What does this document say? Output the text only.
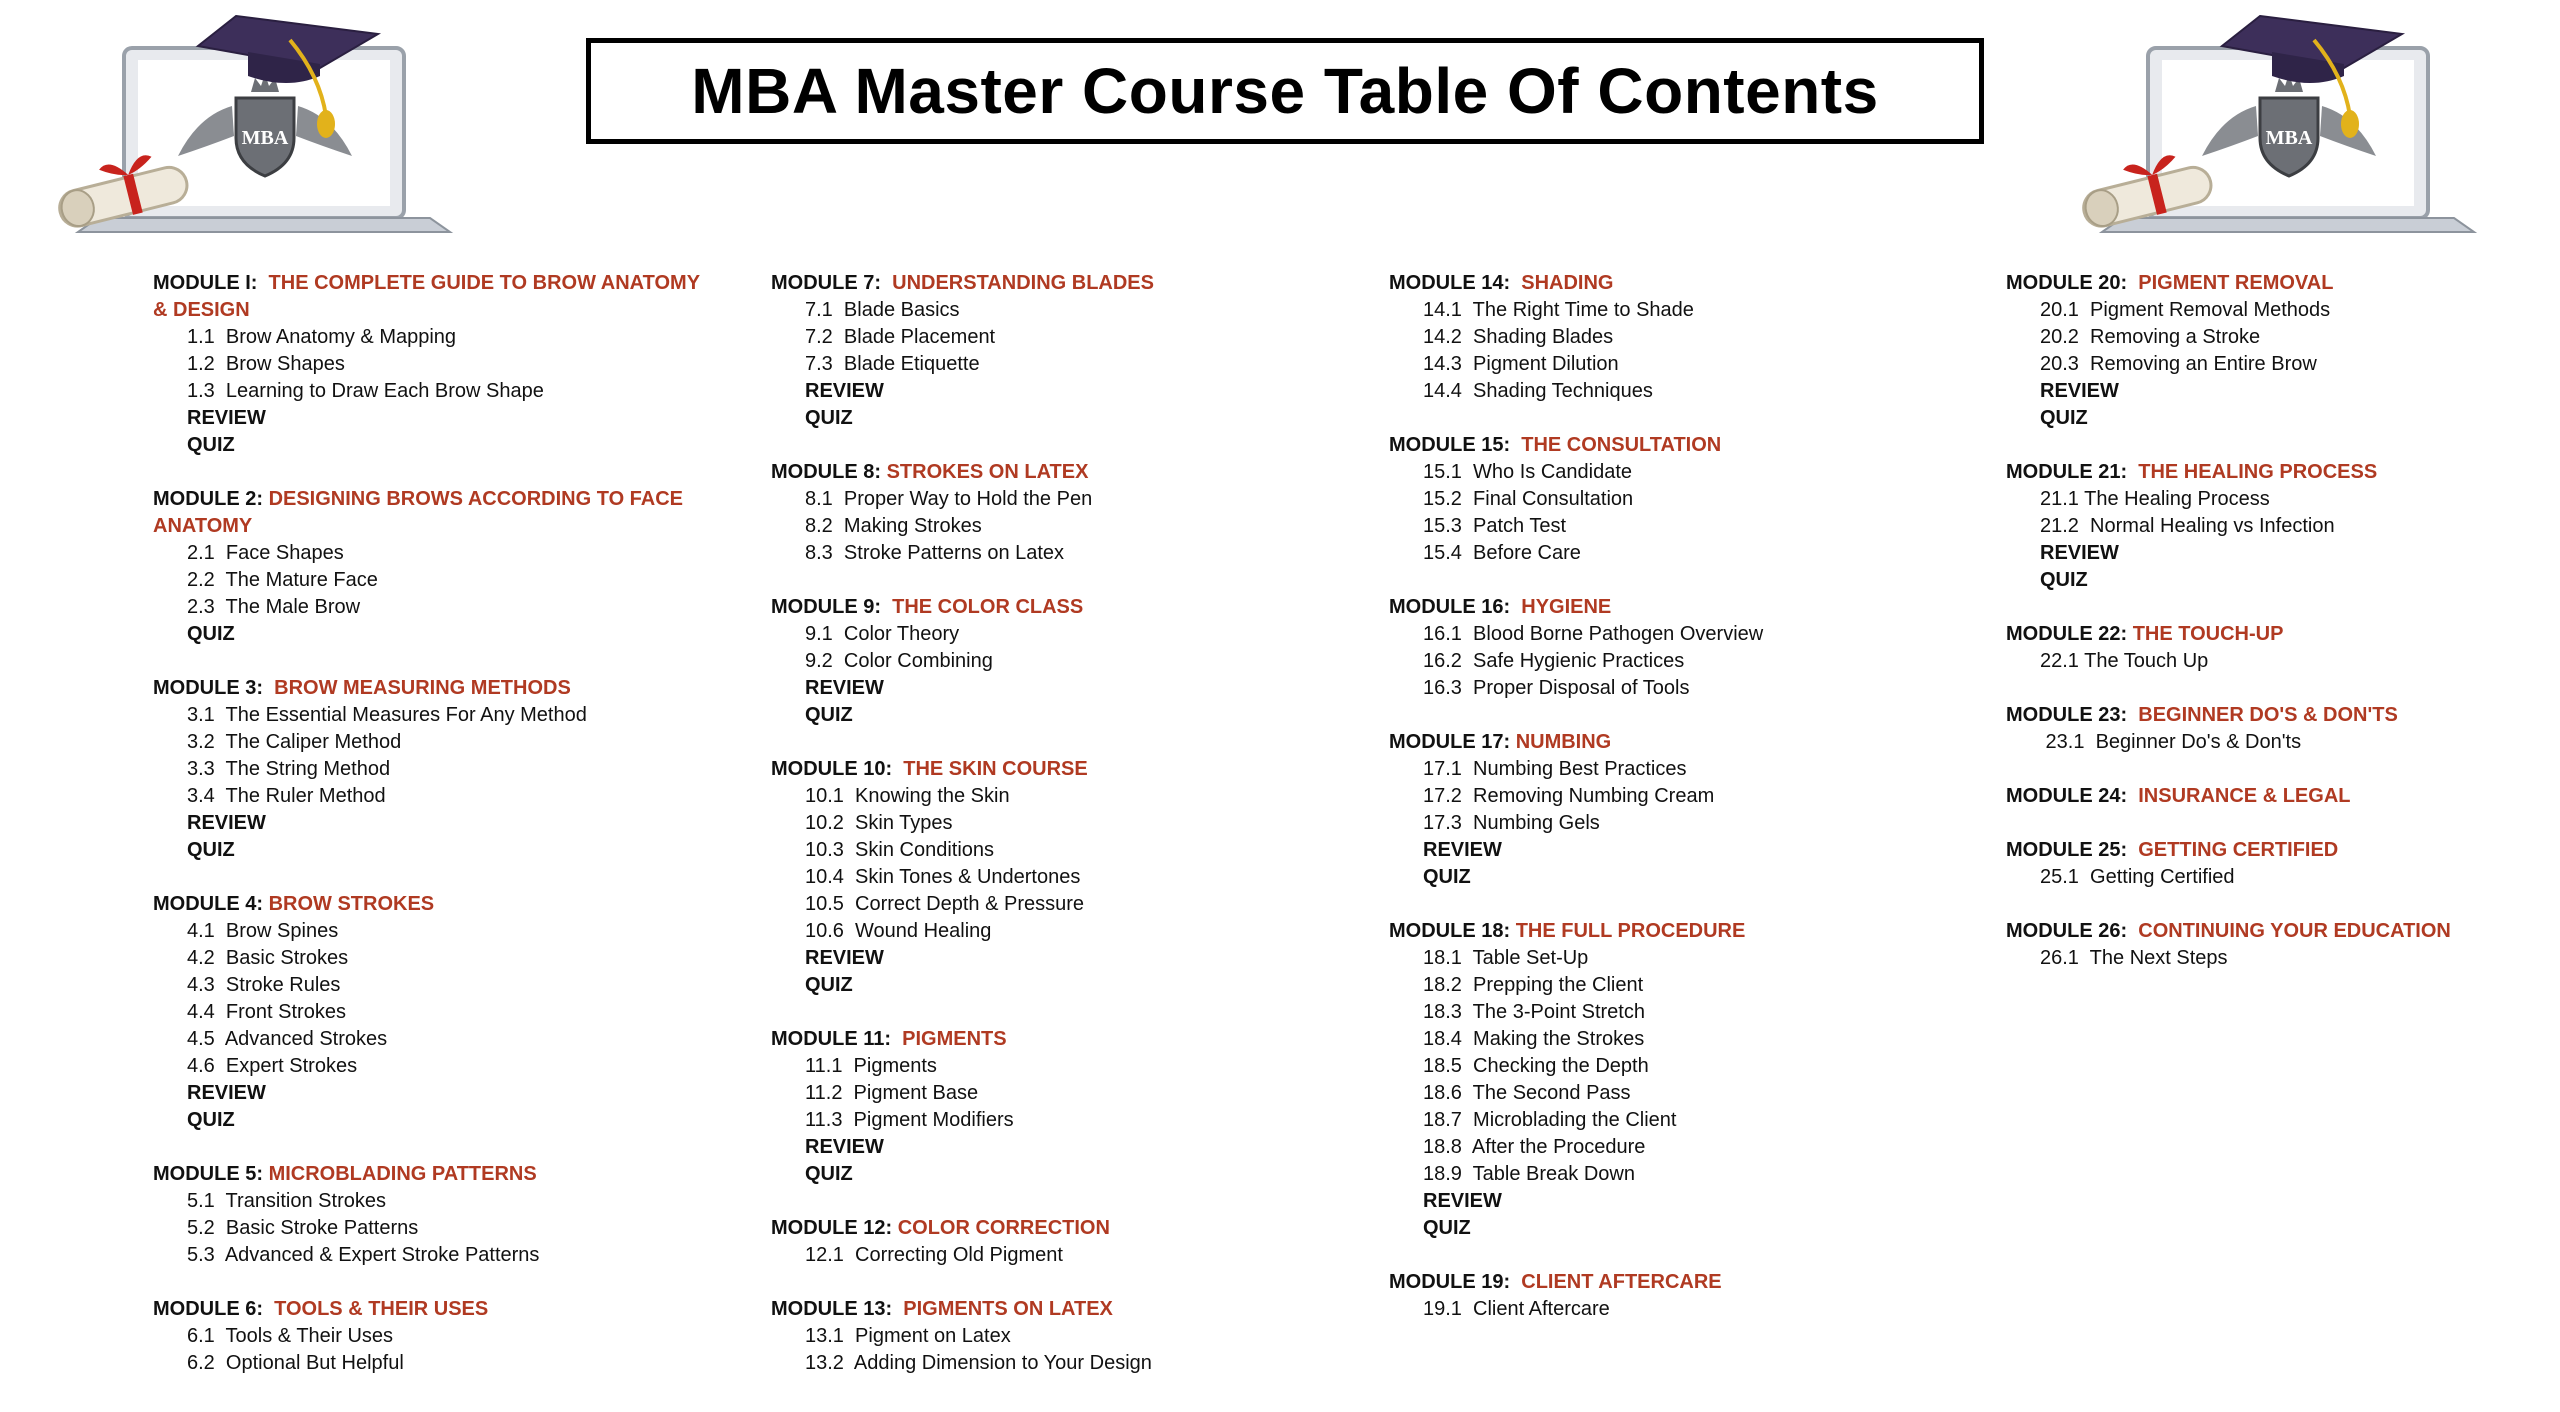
MBA	MBA
MBA Master Course Table Of Contents
MODULE I:  THE COMPLETE GUIDE TO BROW ANATOMY & DESIGN
1.1  Brow Anatomy & Mapping
1.2  Brow Shapes
1.3  Learning to Draw Each Brow Shape
REVIEW
QUIZ
MODULE 2: DESIGNING BROWS ACCORDING TO FACE ANATOMY
2.1  Face Shapes
2.2  The Mature Face
2.3  The Male Brow
QUIZ
MODULE 3:  BROW MEASURING METHODS
3.1  The Essential Measures For Any Method
3.2  The Caliper Method
3.3  The String Method
3.4  The Ruler Method
REVIEW
QUIZ
MODULE 4: BROW STROKES
4.1  Brow Spines
4.2  Basic Strokes
4.3  Stroke Rules
4.4  Front Strokes
4.5  Advanced Strokes
4.6  Expert Strokes
REVIEW
QUIZ
MODULE 5: MICROBLADING PATTERNS
5.1  Transition Strokes
5.2  Basic Stroke Patterns
5.3  Advanced & Expert Stroke Patterns
MODULE 6:  TOOLS & THEIR USES
6.1  Tools & Their Uses
6.2  Optional But Helpful
MODULE 7:  UNDERSTANDING BLADES
7.1  Blade Basics
7.2  Blade Placement
7.3  Blade Etiquette
REVIEW
QUIZ
MODULE 8: STROKES ON LATEX
8.1  Proper Way to Hold the Pen
8.2  Making Strokes
8.3  Stroke Patterns on Latex
MODULE 9:  THE COLOR CLASS
9.1  Color Theory
9.2  Color Combining
REVIEW
QUIZ
MODULE 10:  THE SKIN COURSE
10.1  Knowing the Skin
10.2  Skin Types
10.3  Skin Conditions
10.4  Skin Tones & Undertones
10.5  Correct Depth & Pressure
10.6  Wound Healing
REVIEW
QUIZ
MODULE 11:  PIGMENTS
11.1  Pigments
11.2  Pigment Base
11.3  Pigment Modifiers
REVIEW
QUIZ
MODULE 12: COLOR CORRECTION
12.1  Correcting Old Pigment
MODULE 13:  PIGMENTS ON LATEX
13.1  Pigment on Latex
13.2  Adding Dimension to Your Design
MODULE 14:  SHADING
14.1  The Right Time to Shade
14.2  Shading Blades
14.3  Pigment Dilution
14.4  Shading Techniques
MODULE 15:  THE CONSULTATION
15.1  Who Is Candidate
15.2  Final Consultation
15.3  Patch Test
15.4  Before Care
MODULE 16:  HYGIENE
16.1  Blood Borne Pathogen Overview
16.2  Safe Hygienic Practices
16.3  Proper Disposal of Tools
MODULE 17: NUMBING
17.1  Numbing Best Practices
17.2  Removing Numbing Cream
17.3  Numbing Gels
REVIEW
QUIZ
MODULE 18: THE FULL PROCEDURE
18.1  Table Set-Up
18.2  Prepping the Client
18.3  The 3-Point Stretch
18.4  Making the Strokes
18.5  Checking the Depth
18.6  The Second Pass
18.7  Microblading the Client
18.8  After the Procedure
18.9  Table Break Down
REVIEW
QUIZ
MODULE 19:  CLIENT AFTERCARE
19.1  Client Aftercare
MODULE 20:  PIGMENT REMOVAL
20.1  Pigment Removal Methods
20.2  Removing a Stroke
20.3  Removing an Entire Brow
REVIEW
QUIZ
MODULE 21:  THE HEALING PROCESS
21.1 The Healing Process
21.2  Normal Healing vs Infection
REVIEW
QUIZ
MODULE 22: THE TOUCH-UP
22.1 The Touch Up
MODULE 23:  BEGINNER DO'S & DON'TS
23.1  Beginner Do's & Don'ts
MODULE 24:  INSURANCE & LEGAL
MODULE 25:  GETTING CERTIFIED
25.1  Getting Certified
MODULE 26:  CONTINUING YOUR EDUCATION
26.1  The Next Steps
